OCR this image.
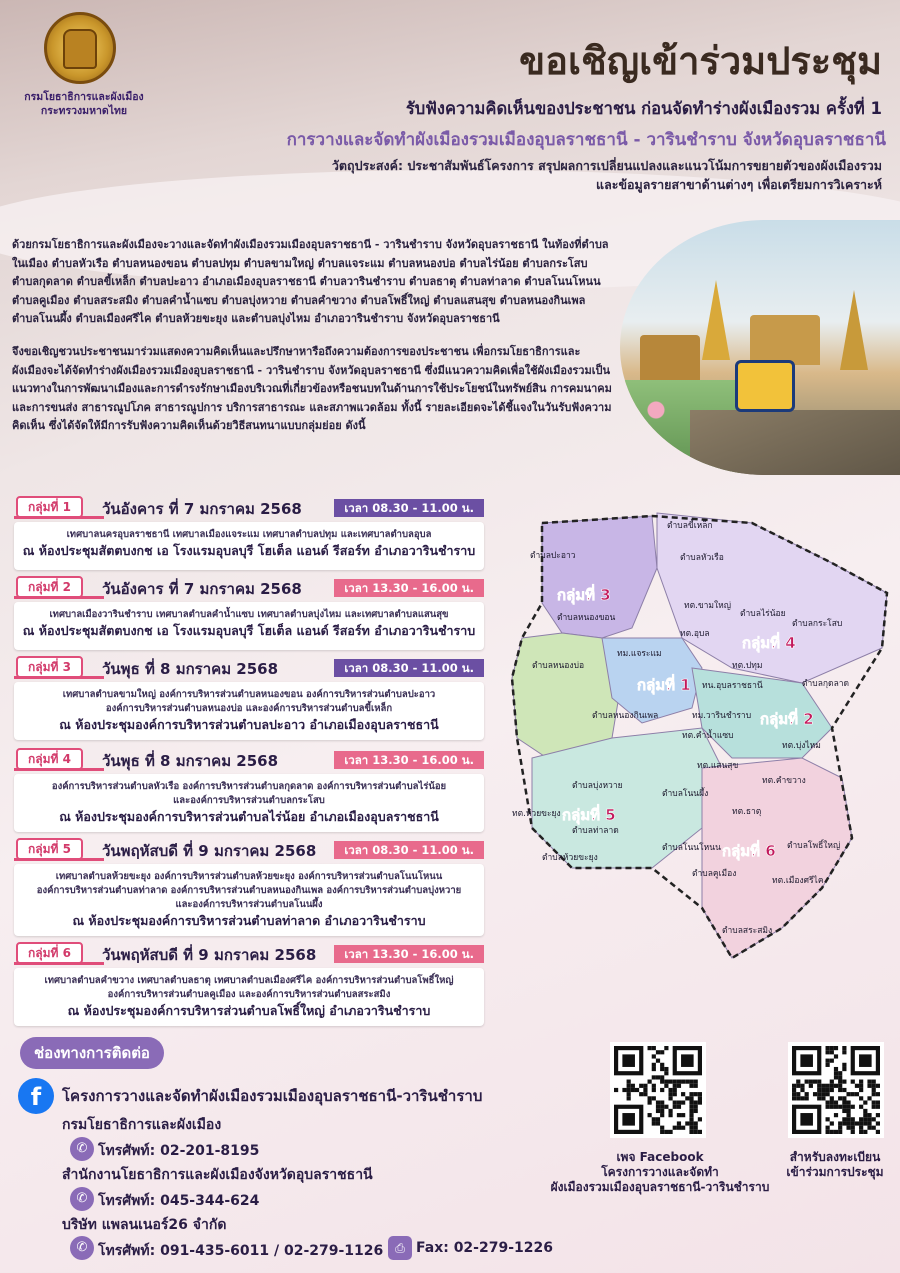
กรมโยธาธิการและผังเมือง
กระทรวงมหาดไทย
ขอเชิญเข้าร่วมประชุม
รับฟังความคิดเห็นของประชาชน ก่อนจัดทำร่างผังเมืองรวม ครั้งที่ 1
การวางและจัดทำผังเมืองรวมเมืองอุบลราชธานี - วารินชำราบ จังหวัดอุบลราชธานี
วัตถุประสงค์: ประชาสัมพันธ์โครงการ สรุปผลการเปลี่ยนแปลงและแนวโน้มการขยายตัวของผังเมืองรวม
และข้อมูลรายสาขาด้านต่างๆ เพื่อเตรียมการวิเคราะห์

ด้วยกรมโยธาธิการและผังเมืองจะวางและจัดทำผังเมืองรวมเมืองอุบลราชธานี - วารินชำราบ จังหวัดอุบลราชธานี ในท้องที่ตำบลในเมือง ตำบลหัวเรือ ตำบลหนองขอน ตำบลปทุม ตำบลขามใหญ่ ตำบลแจระแม ตำบลหนองบ่อ ตำบลไร่น้อย ตำบลกระโสบ ตำบลกุดลาด ตำบลขี้เหล็ก ตำบลปะอาว อำเภอเมืองอุบลราชธานี ตำบลวารินชำราบ ตำบลธาตุ ตำบลท่าลาด ตำบลโนนโหนน ตำบลคูเมือง ตำบลสระสมิง ตำบลคำน้ำแซบ ตำบลบุ่งหวาย ตำบลคำขวาง ตำบลโพธิ์ใหญ่ ตำบลแสนสุข ตำบลหนองกินเพล ตำบลโนนผึ้ง ตำบลเมืองศรีไค ตำบลห้วยขะยุง และตำบลบุ่งไหม อำเภอวารินชำราบ จังหวัดอุบลราชธานี

จึงขอเชิญชวนประชาชนมาร่วมแสดงความคิดเห็นและปรึกษาหารือถึงความต้องการของประชาชน เพื่อกรมโยธาธิการและผังเมืองจะได้จัดทำร่างผังเมืองรวมเมืองอุบลราชธานี - วารินชำราบ จังหวัดอุบลราชธานี ซึ่งมีแนวความคิดเพื่อใช้ผังเมืองรวมเป็นแนวทางในการพัฒนาเมืองและการดำรงรักษาเมืองบริเวณที่เกี่ยวข้องหรือชนบทในด้านการใช้ประโยชน์ในทรัพย์สิน การคมนาคมและการขนส่ง สาธารณูปโภค สาธารณูปการ บริการสาธารณะ และสภาพแวดล้อม ทั้งนี้ รายละเอียดจะได้ชี้แจงในวันรับฟังความคิดเห็น ซึ่งได้จัดให้มีการรับฟังความคิดเห็นด้วยวิธีสนทนาแบบกลุ่มย่อย ดังนี้

กลุ่มที่ 1	วันอังคาร ที่ 7 มกราคม 2568	เวลา 08.30 - 11.00 น.
เทศบาลนครอุบลราชธานี เทศบาลเมืองแจระแม เทศบาลตำบลปทุม และเทศบาลตำบลอุบล
ณ ห้องประชุมสัตตบงกช เอ โรงแรมอุบลบุรี โฮเต็ล แอนด์ รีสอร์ท อำเภอวารินชำราบ
กลุ่มที่ 2	วันอังคาร ที่ 7 มกราคม 2568	เวลา 13.30 - 16.00 น.
เทศบาลเมืองวารินชำราบ เทศบาลตำบลคำน้ำแซบ เทศบาลตำบลบุ่งไหม และเทศบาลตำบลแสนสุข
ณ ห้องประชุมสัตตบงกช เอ โรงแรมอุบลบุรี โฮเต็ล แอนด์ รีสอร์ท อำเภอวารินชำราบ
กลุ่มที่ 3	วันพุธ ที่ 8 มกราคม 2568	เวลา 08.30 - 11.00 น.
เทศบาลตำบลขามใหญ่ องค์การบริหารส่วนตำบลหนองขอน องค์การบริหารส่วนตำบลปะอาว
องค์การบริหารส่วนตำบลหนองบ่อ และองค์การบริหารส่วนตำบลขี้เหล็ก
ณ ห้องประชุมองค์การบริหารส่วนตำบลปะอาว อำเภอเมืองอุบลราชธานี
กลุ่มที่ 4	วันพุธ ที่ 8 มกราคม 2568	เวลา 13.30 - 16.00 น.
องค์การบริหารส่วนตำบลหัวเรือ องค์การบริหารส่วนตำบลกุดลาด องค์การบริหารส่วนตำบลไร่น้อย
และองค์การบริหารส่วนตำบลกระโสบ
ณ ห้องประชุมองค์การบริหารส่วนตำบลไร่น้อย อำเภอเมืองอุบลราชธานี
กลุ่มที่ 5	วันพฤหัสบดี ที่ 9 มกราคม 2568	เวลา 08.30 - 11.00 น.
เทศบาลตำบลห้วยขะยุง องค์การบริหารส่วนตำบลห้วยขะยุง องค์การบริหารส่วนตำบลโนนโหนน
องค์การบริหารส่วนตำบลท่าลาด องค์การบริหารส่วนตำบลหนองกินเพล องค์การบริหารส่วนตำบลบุ่งหวาย
และองค์การบริหารส่วนตำบลโนนผึ้ง
ณ ห้องประชุมองค์การบริหารส่วนตำบลท่าลาด อำเภอวารินชำราบ
กลุ่มที่ 6	วันพฤหัสบดี ที่ 9 มกราคม 2568	เวลา 13.30 - 16.00 น.
เทศบาลตำบลคำขวาง เทศบาลตำบลธาตุ เทศบาลตำบลเมืองศรีไค องค์การบริหารส่วนตำบลโพธิ์ใหญ่
องค์การบริหารส่วนตำบลคูเมือง และองค์การบริหารส่วนตำบลสระสมิง
ณ ห้องประชุมองค์การบริหารส่วนตำบลโพธิ์ใหญ่ อำเภอวารินชำราบ
กลุ่มที่ 1
กลุ่มที่ 2
กลุ่มที่ 3
กลุ่มที่ 4
กลุ่มที่ 5
กลุ่มที่ 6
ตำบลขี้เหล็ก
ตำบลปะอาว	ตำบลหัวเรือ
ตำบลหนองขอน
ทต.ขามใหญ่
ตำบลไร่น้อย
ตำบลกระโสบ
ทต.อุบล
ทม.แจระแม
ตำบลหนองบ่อ
ทน.อุบลราชธานี
ทต.ปทุม
ตำบลกุดลาด
ทม.วารินชำราบ
ตำบลหนองกินเพล
ทต.คำน้ำแซบ
ทต.บุ่งไหม
ทต.แสนสุข
ทต.คำขวาง
ตำบลบุ่งหวาย
ตำบลโนนผึ้ง
ทต.ห้วยขะยุง	ทต.ธาตุ
ตำบลท่าลาด
ตำบลโนนโหนน	ตำบลโพธิ์ใหญ่
ตำบลห้วยขะยุง
ตำบลคูเมือง
ทต.เมืองศรีไค
ตำบลสระสมิง
ช่องทางการติดต่อ
f	โครงการวางและจัดทำผังเมืองรวมเมืองอุบลราชธานี-วารินชำราบ
กรมโยธาธิการและผังเมือง
✆ โทรศัพท์: 02-201-8195
สำนักงานโยธาธิการและผังเมืองจังหวัดอุบลราชธานี
✆ โทรศัพท์: 045-344-624
บริษัท แพลนเนอร์26 จำกัด
✆ โทรศัพท์: 091-435-6011 / 02-279-1126 ⎙ Fax: 02-279-1226
เพจ Facebook
โครงการวางและจัดทำ
ผังเมืองรวมเมืองอุบลราชธานี-วารินชำราบ
สำหรับลงทะเบียน
เข้าร่วมการประชุม
